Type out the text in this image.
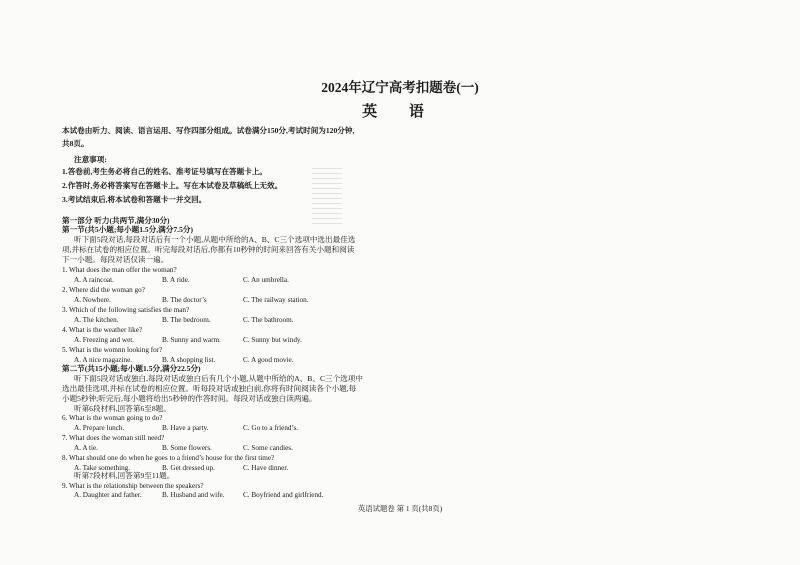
2024年辽宁高考扣题卷(一)
英 语
本试卷由听力、阅读、语言运用、写作四部分组成。试卷满分150分,考试时间为120分钟,
共8页。
注意事项:
1.答卷前,考生务必将自己的姓名、准考证号填写在答题卡上。
2.作答时,务必将答案写在答题卡上。写在本试卷及草稿纸上无效。
3.考试结束后,将本试卷和答题卡一并交回。
第一部分 听力(共两节,满分30分)
第一节(共5小题;每小题1.5分,满分7.5分)
听下面5段对话,每段对话后有一个小题,从题中所给的A、B、C三个选项中选出最佳选
项,并标在试卷的相应位置。听完每段对话后,你都有10秒钟的时间来回答有关小题和阅读
下一小题。每段对话仅读一遍。
1. What does the man offer the woman?
A. A raincoat.	B. A ride.	C. An umbrella.
2. Where did the woman go?
A. Nowhere.	B. The doctor’s	C. The railway station.
3. Which of the following satisfies the man?
A. The kitchen.	B. The bedroom.	C. The bathroom.
4. What is the weather like?
A. Freezing and wet.	B. Sunny and warm.	C. Sunny but windy.
5. What is the womnn looking for?
A. A nice magazine.	B. A shopping list.	C. A good movie.
第二节(共15小题;每小题1.5分,满分22.5分)
听下面5段对话或独白,每段对话或独白后有几个小题,从题中所给的A、B、C三个选项中
选出最佳选项,并标在试卷的相应位置。听每段对话或独白前,你将有时间阅读各个小题,每
小题5秒钟;听完后,每小题将给出5秒钟的作答时间。每段对话或独白读两遍。
听第6段材料,回答第6至8题。
6. What is the woman going to do?
A. Prepare lunch.	B. Have a party.	C. Go to a friend’s.
7. What does the woman still need?
A. A tie.	B. Some flowers.	C. Some candies.
8. What should one do when he goes to a friend’s house for the first time?
A. Take something.	B. Get dressed up.	C. Have dinner.
听第7段材料,回答第9至11题。
9. What is the relationship between the speakers?
A. Daughter and father.	B. Husband and wife.	C. Boyfriend and girlfriend.
英语试题卷 第 1 页(共8页)
